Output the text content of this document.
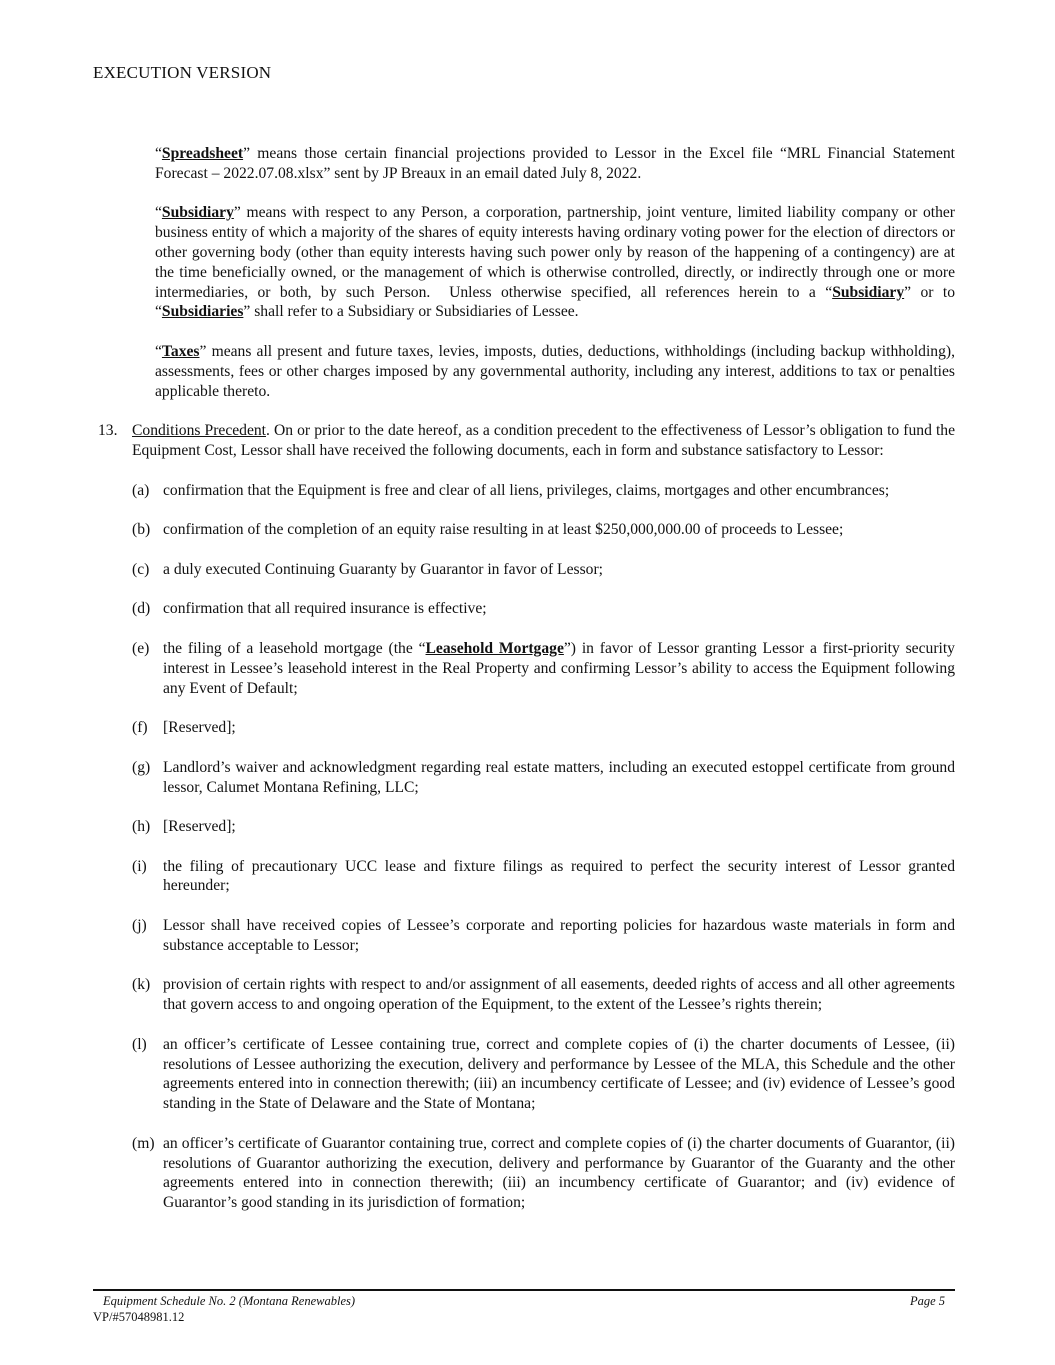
EXECUTION VERSION

“Spreadsheet” means those certain financial projections provided to Lessor in the Excel file “MRL Financial Statement Forecast – 2022.07.08.xlsx” sent by JP Breaux in an email dated July 8, 2022.

“Subsidiary” means with respect to any Person, a corporation, partnership, joint venture, limited liability company or other business entity of which a majority of the shares of equity interests having ordinary voting power for the election of directors or other governing body (other than equity interests having such power only by reason of the happening of a contingency) are at the time beneficially owned, or the management of which is otherwise controlled, directly, or indirectly through one or more intermediaries, or both, by such Person.  Unless otherwise specified, all references herein to a “Subsidiary” or to “Subsidiaries” shall refer to a Subsidiary or Subsidiaries of Lessee.

“Taxes” means all present and future taxes, levies, imposts, duties, deductions, withholdings (including backup withholding), assessments, fees or other charges imposed by any governmental authority, including any interest, additions to tax or penalties applicable thereto.

13. Conditions Precedent. On or prior to the date hereof, as a condition precedent to the effectiveness of Lessor’s obligation to fund the Equipment Cost, Lessor shall have received the following documents, each in form and substance satisfactory to Lessor:

(a) confirmation that the Equipment is free and clear of all liens, privileges, claims, mortgages and other encumbrances;

(b) confirmation of the completion of an equity raise resulting in at least $250,000,000.00 of proceeds to Lessee;

(c) a duly executed Continuing Guaranty by Guarantor in favor of Lessor;

(d) confirmation that all required insurance is effective;

(e) the filing of a leasehold mortgage (the “Leasehold Mortgage”) in favor of Lessor granting Lessor a first-priority security interest in Lessee’s leasehold interest in the Real Property and confirming Lessor’s ability to access the Equipment following any Event of Default;

(f) [Reserved];

(g) Landlord’s waiver and acknowledgment regarding real estate matters, including an executed estoppel certificate from ground lessor, Calumet Montana Refining, LLC;

(h) [Reserved];

(i) the filing of precautionary UCC lease and fixture filings as required to perfect the security interest of Lessor granted hereunder;

(j) Lessor shall have received copies of Lessee’s corporate and reporting policies for hazardous waste materials in form and substance acceptable to Lessor;

(k) provision of certain rights with respect to and/or assignment of all easements, deeded rights of access and all other agreements that govern access to and ongoing operation of the Equipment, to the extent of the Lessee’s rights therein;

(l) an officer’s certificate of Lessee containing true, correct and complete copies of (i) the charter documents of Lessee, (ii) resolutions of Lessee authorizing the execution, delivery and performance by Lessee of the MLA, this Schedule and the other agreements entered into in connection therewith; (iii) an incumbency certificate of Lessee; and (iv) evidence of Lessee’s good standing in the State of Delaware and the State of Montana;

(m) an officer’s certificate of Guarantor containing true, correct and complete copies of (i) the charter documents of Guarantor, (ii) resolutions of Guarantor authorizing the execution, delivery and performance by Guarantor of the Guaranty and the other agreements entered into in connection therewith; (iii) an incumbency certificate of Guarantor; and (iv) evidence of Guarantor’s good standing in its jurisdiction of formation;

Equipment Schedule No. 2 (Montana Renewables)	Page 5
VP/#57048981.12
